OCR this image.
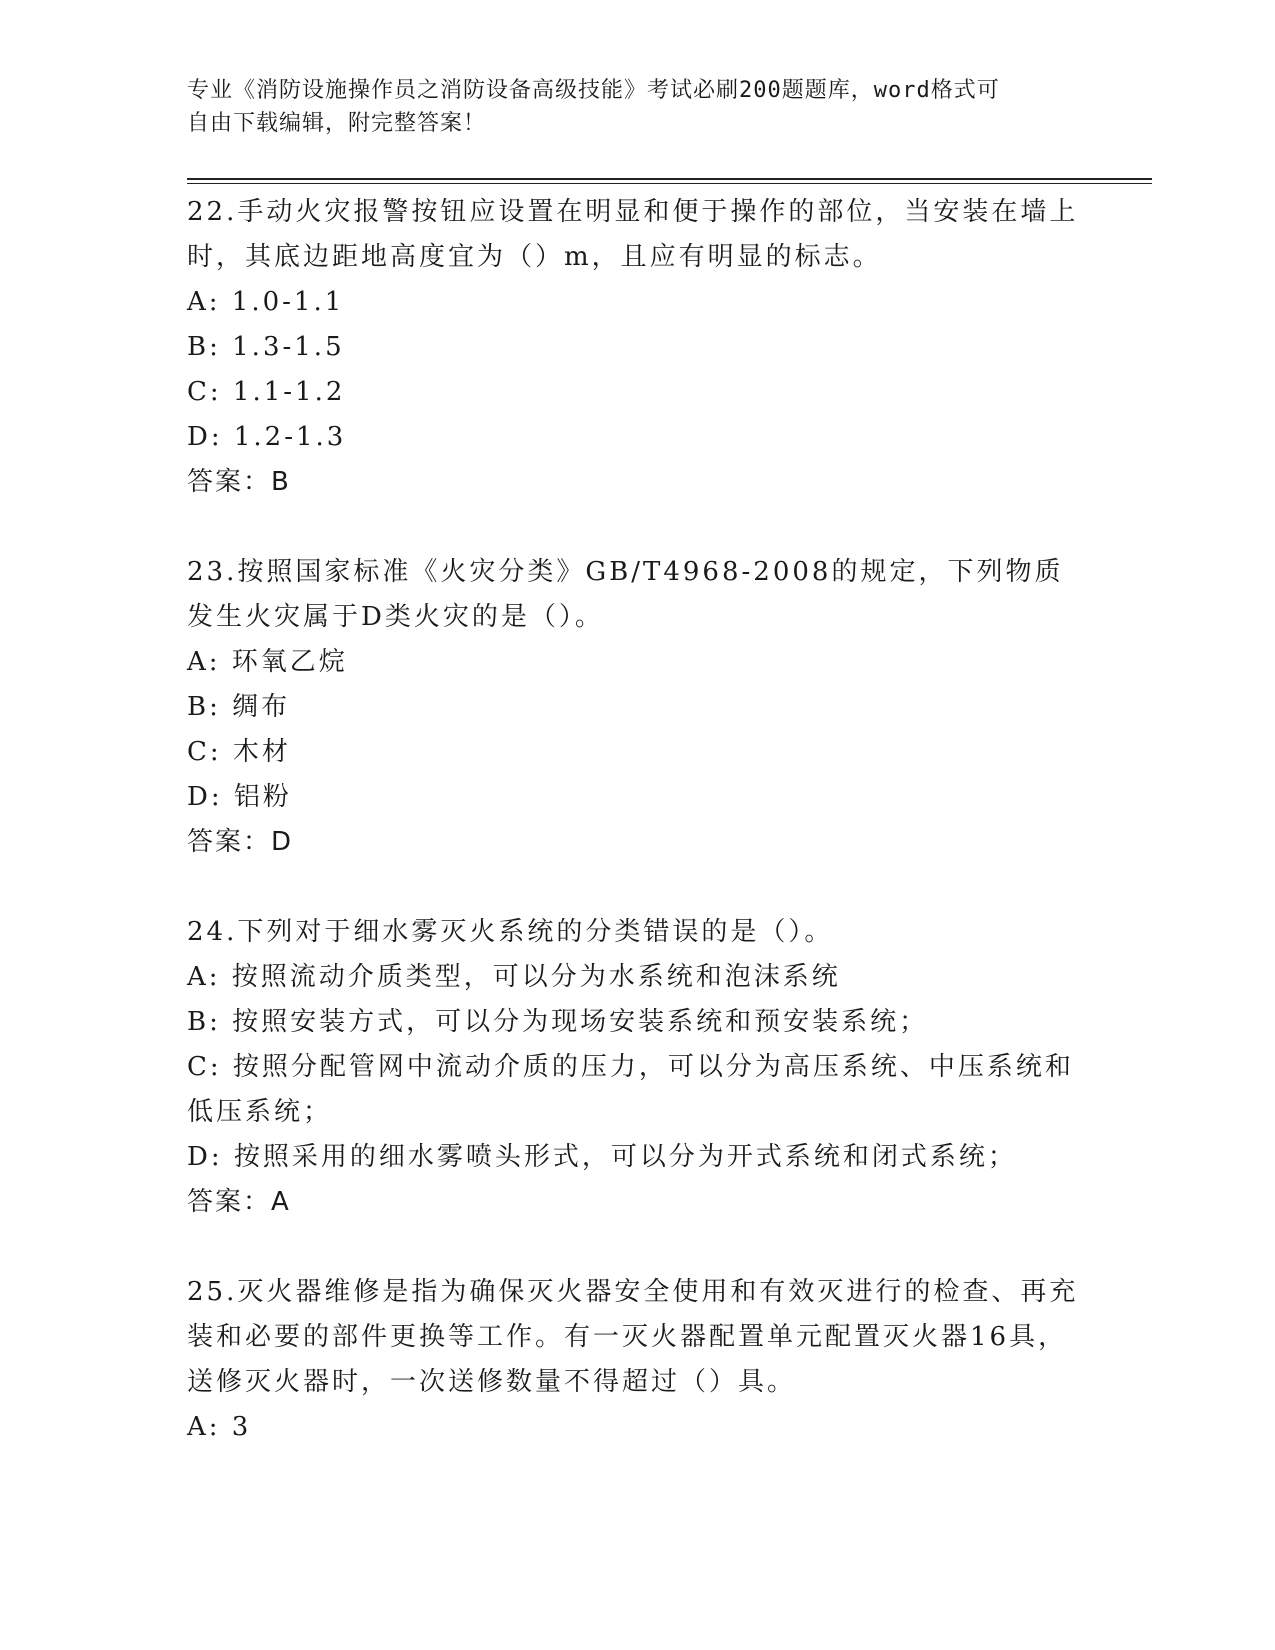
专业《消防设施操作员之消防设备高级技能》考试必刷200题题库，word格式可
自由下载编辑，附完整答案！

22.手动火灾报警按钮应设置在明显和便于操作的部位，当安装在墙上时，其底边距地高度宜为（）m，且应有明显的标志。

A: 1.0-1.1

B: 1.3-1.5

C: 1.1-1.2

D: 1.2-1.3

答案：B

23.按照国家标准《火灾分类》GB/T4968-2008的规定，下列物质发生火灾属于D类火灾的是（）。

A: 环氧乙烷

B: 绸布

C: 木材

D: 铝粉

答案：D

24.下列对于细水雾灭火系统的分类错误的是（）。

A: 按照流动介质类型，可以分为水系统和泡沫系统

B: 按照安装方式，可以分为现场安装系统和预安装系统；

C: 按照分配管网中流动介质的压力，可以分为高压系统、中压系统和低压系统；

D: 按照采用的细水雾喷头形式，可以分为开式系统和闭式系统；

答案：A

25.灭火器维修是指为确保灭火器安全使用和有效灭进行的检查、再充装和必要的部件更换等工作。有一灭火器配置单元配置灭火器16具，送修灭火器时，一次送修数量不得超过（）具。

A: 3
